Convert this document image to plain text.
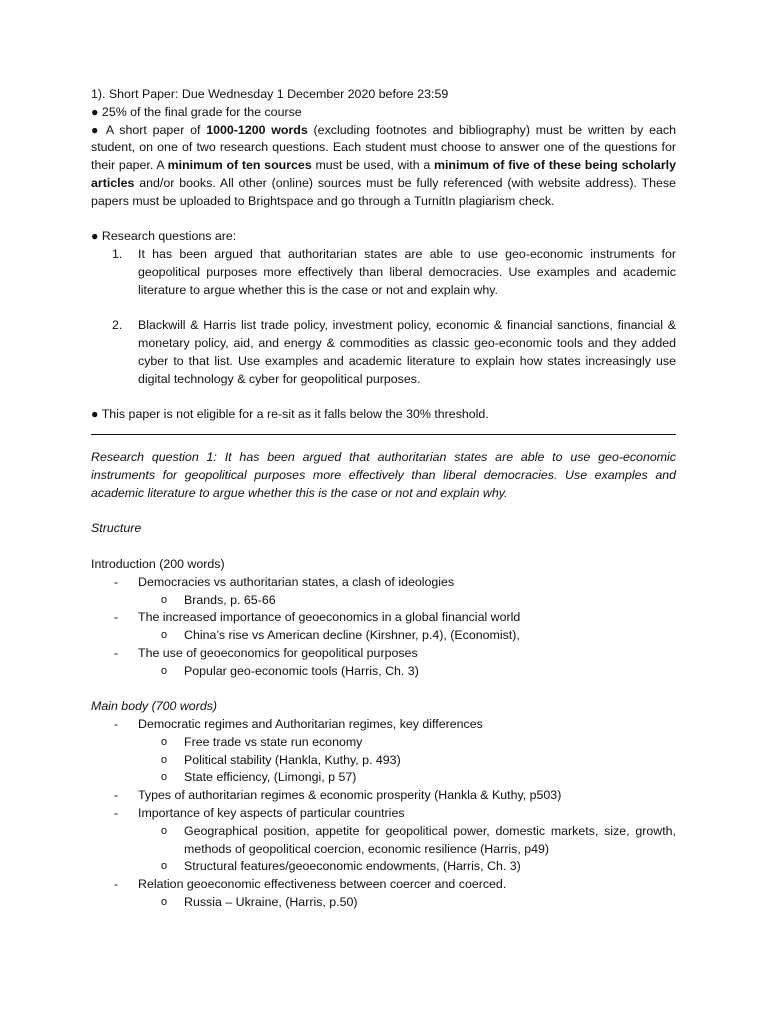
1). Short Paper: Due Wednesday 1 December 2020 before 23:59

● 25% of the final grade for the course

● A short paper of 1000-1200 words (excluding footnotes and bibliography) must be written by each student, on one of two research questions. Each student must choose to answer one of the questions for their paper. A minimum of ten sources must be used, with a minimum of five of these being scholarly articles and/or books. All other (online) sources must be fully referenced (with website address). These papers must be uploaded to Brightspace and go through a TurnitIn plagiarism check.

● Research questions are:

1. It has been argued that authoritarian states are able to use geo-economic instruments for geopolitical purposes more effectively than liberal democracies. Use examples and academic literature to argue whether this is the case or not and explain why.
2. Blackwill & Harris list trade policy, investment policy, economic & financial sanctions, financial & monetary policy, aid, and energy & commodities as classic geo-economic tools and they added cyber to that list. Use examples and academic literature to explain how states increasingly use digital technology & cyber for geopolitical purposes.

● This paper is not eligible for a re-sit as it falls below the 30% threshold.

Research question 1: It has been argued that authoritarian states are able to use geo-economic instruments for geopolitical purposes more effectively than liberal democracies. Use examples and academic literature to argue whether this is the case or not and explain why.

Structure

Introduction (200 words)

- Democracies vs authoritarian states, a clash of ideologies
o Brands, p. 65-66
- The increased importance of geoeconomics in a global financial world
o China’s rise vs American decline (Kirshner, p.4), (Economist),
- The use of geoeconomics for geopolitical purposes
o Popular geo-economic tools (Harris, Ch. 3)

Main body (700 words)

- Democratic regimes and Authoritarian regimes, key differences
o Free trade vs state run economy
o Political stability (Hankla, Kuthy, p. 493)
o State efficiency, (Limongi, p 57)
- Types of authoritarian regimes & economic prosperity (Hankla & Kuthy, p503)
- Importance of key aspects of particular countries
o Geographical position, appetite for geopolitical power, domestic markets, size, growth, methods of geopolitical coercion, economic resilience (Harris, p49)
o Structural features/geoeconomic endowments, (Harris, Ch. 3)
- Relation geoeconomic effectiveness between coercer and coerced.
o Russia – Ukraine, (Harris, p.50)
